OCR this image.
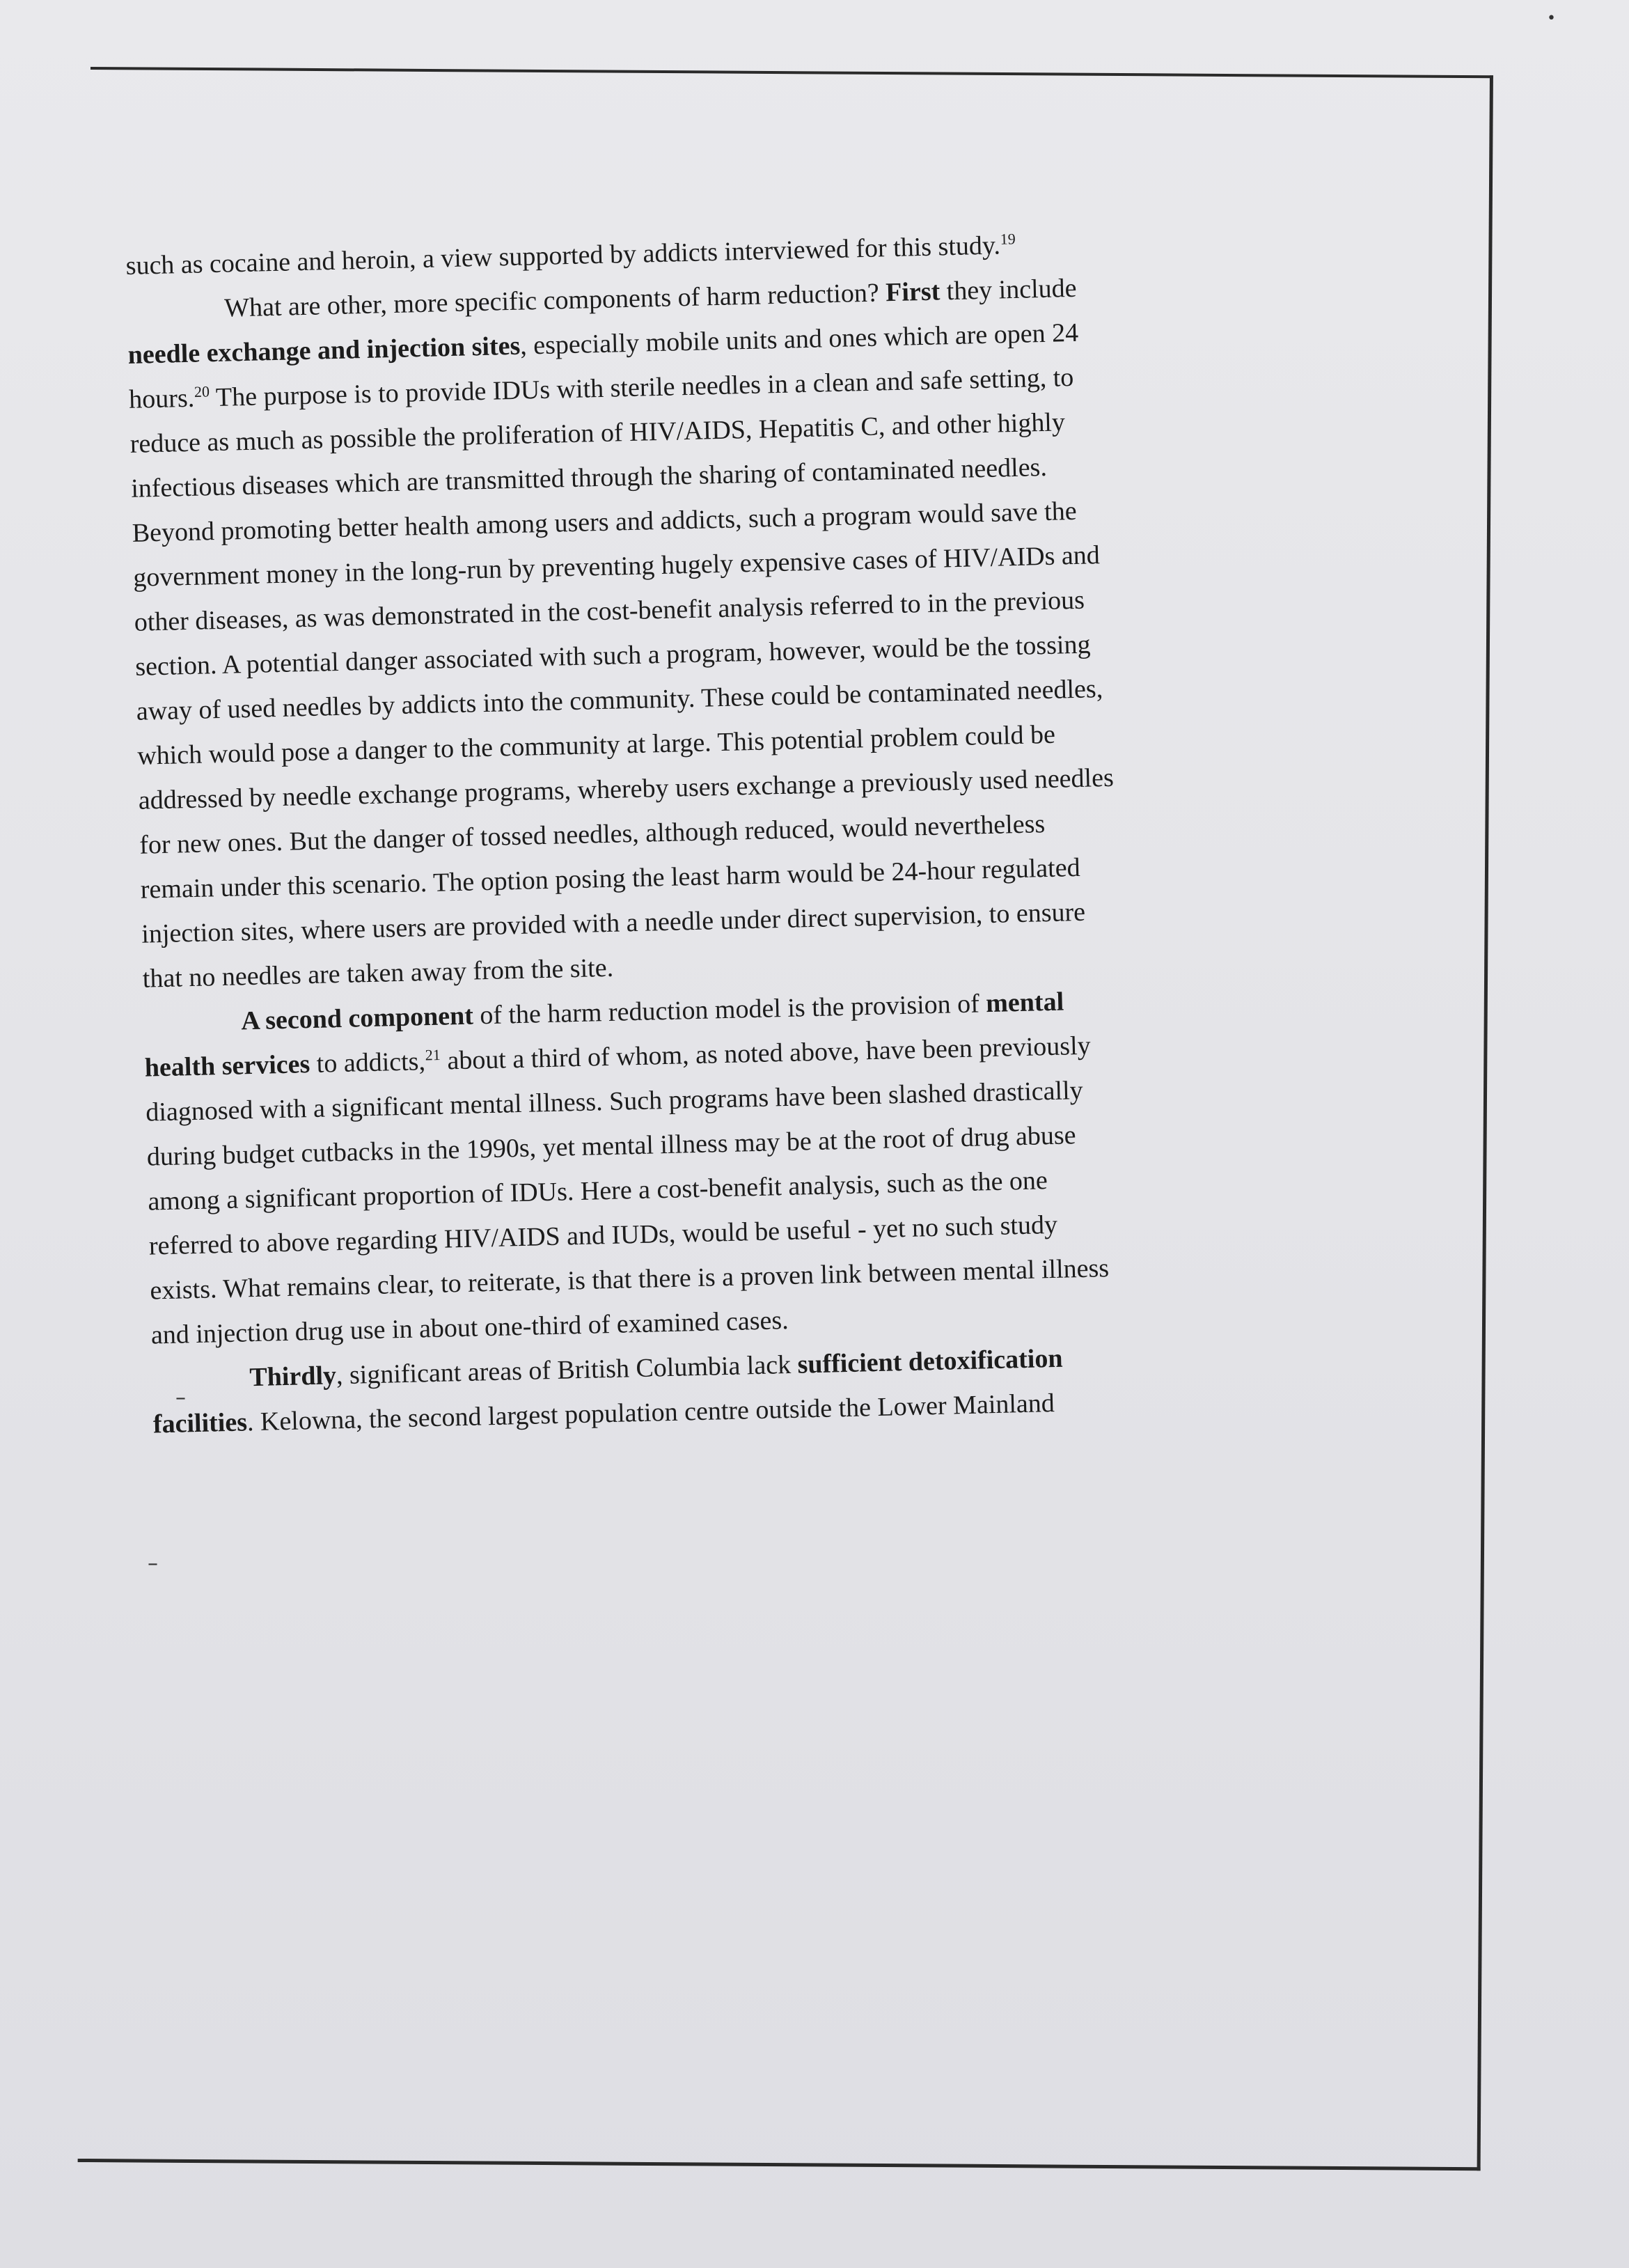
•
–
–
such as cocaine and heroin, a view supported by addicts interviewed for this study.$^{19}$
What are other, more specific components of harm reduction? First they include
needle exchange and injection sites, especially mobile units and ones which are open 24
hours.$^{20}$ The purpose is to provide IDUs with sterile needles in a clean and safe setting, to
reduce as much as possible the proliferation of HIV/AIDS, Hepatitis C, and other highly
infectious diseases which are transmitted through the sharing of contaminated needles.
Beyond promoting better health among users and addicts, such a program would save the
government money in the long-run by preventing hugely expensive cases of HIV/AIDs and
other diseases, as was demonstrated in the cost-benefit analysis referred to in the previous
section. A potential danger associated with such a program, however, would be the tossing
away of used needles by addicts into the community. These could be contaminated needles,
which would pose a danger to the community at large. This potential problem could be
addressed by needle exchange programs, whereby users exchange a previously used needles
for new ones. But the danger of tossed needles, although reduced, would nevertheless
remain under this scenario. The option posing the least harm would be 24-hour regulated
injection sites, where users are provided with a needle under direct supervision, to ensure
that no needles are taken away from the site.
A second component of the harm reduction model is the provision of mental
health services to addicts,$^{21}$ about a third of whom, as noted above, have been previously
diagnosed with a significant mental illness. Such programs have been slashed drastically
during budget cutbacks in the 1990s, yet mental illness may be at the root of drug abuse
among a significant proportion of IDUs. Here a cost-benefit analysis, such as the one
referred to above regarding HIV/AIDS and IUDs, would be useful - yet no such study
exists. What remains clear, to reiterate, is that there is a proven link between mental illness
and injection drug use in about one-third of examined cases.
Thirdly, significant areas of British Columbia lack sufficient detoxification
facilities. Kelowna, the second largest population centre outside the Lower Mainland
